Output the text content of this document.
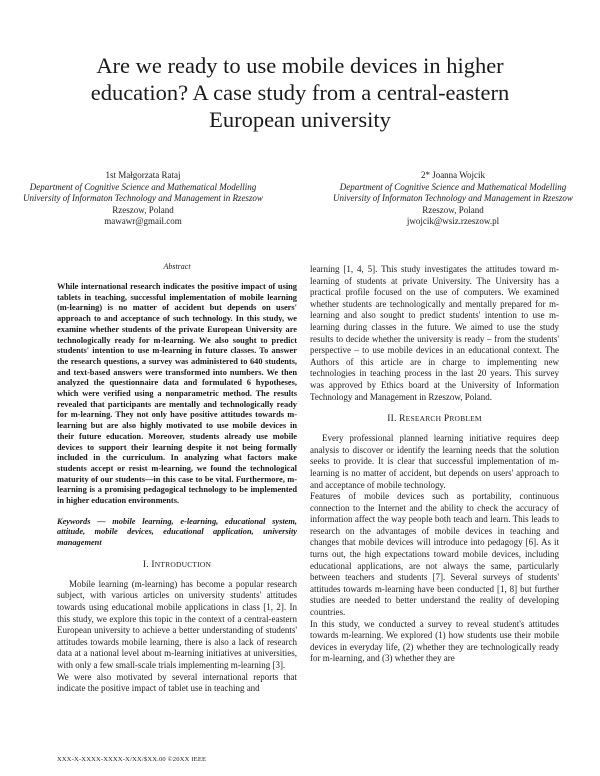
Are we ready to use mobile devices in higher
education? A case study from a central-eastern
European university
1st Małgorzata Rataj
Department of Cognitive Science and Mathematical Modelling
University of Informaton Technology and Management in Rzeszow
Rzeszow, Poland
mawawr@gmail.com
2* Joanna Wojcik
Department of Cognitive Science and Mathematical Modelling
University of Informaton Technology and Management in Rzeszow
Rzeszow, Poland
jwojcik@wsiz.rzeszow.pl
Abstract

While international research indicates the positive impact of using tablets in teaching, successful implementation of mobile learning (m-learning) is no matter of accident but depends on users' approach to and acceptance of such technology. In this study, we examine whether students of the private European University are technologically ready for m-learning. We also sought to predict students' intention to use m-learning in future classes. To answer the research questions, a survey was administered to 640 students, and text-based answers were transformed into numbers. We then analyzed the questionnaire data and formulated 6 hypotheses, which were verified using a nonparametric method. The results revealed that participants are mentally and technologically ready for m-learning. They not only have positive attitudes towards m-learning but are also highly motivated to use mobile devices in their future education. Moreover, students already use mobile devices to support their learning despite it not being formally included in the curriculum. In analyzing what factors make students accept or resist m-learning, we found the technological maturity of our students—in this case to be vital. Furthermore, m-learning is a promising pedagogical technology to be implemented in higher education environments.

Keywords — mobile learning, e-learning, educational system, attitude, mobile devices, educational application, university management

I. INTRODUCTION

Mobile learning (m-learning) has become a popular research subject, with various articles on university students' attitudes towards using educational mobile applications in class [1, 2]. In this study, we explore this topic in the context of a central-eastern European university to achieve a better understanding of students' attitudes towards mobile learning, there is also a lack of research data at a national level about m-learning initiatives at universities, with only a few small-scale trials implementing m-learning [3].

We were also motivated by several international reports that indicate the positive impact of tablet use in teaching and

learning [1, 4, 5]. This study investigates the attitudes toward m-learning of students at private University. The University has a practical profile focused on the use of computers. We examined whether students are technologically and mentally prepared for m-learning and also sought to predict students' intention to use m-learning during classes in the future. We aimed to use the study results to decide whether the university is ready – from the students' perspective – to use mobile devices in an educational context. The Authors of this article are in charge to implementing new technologies in teaching process in the last 20 years. This survey was approved by Ethics board at the University of Information Technology and Management in Rzeszow, Poland.

II. RESEARCH PROBLEM

Every professional planned learning initiative requires deep analysis to discover or identify the learning needs that the solution seeks to provide. It is clear that successful implementation of m-learning is no matter of accident, but depends on users' approach to and acceptance of mobile technology.

Features of mobile devices such as portability, continuous connection to the Internet and the ability to check the accuracy of information affect the way people both teach and learn. This leads to research on the advantages of mobile devices in teaching and changes that mobile devices will introduce into pedagogy [6]. As it turns out, the high expectations toward mobile devices, including educational applications, are not always the same, particularly between teachers and students [7]. Several surveys of students' attitudes towards m-learning have been conducted [1, 8] but further studies are needed to better understand the reality of developing countries.

In this study, we conducted a survey to reveal student's attitudes towards m-learning. We explored (1) how students use their mobile devices in everyday life, (2) whether they are technologically ready for m-learning, and (3) whether they are

XXX-X-XXXX-XXXX-X/XX/$XX.00 ©20XX IEEE
